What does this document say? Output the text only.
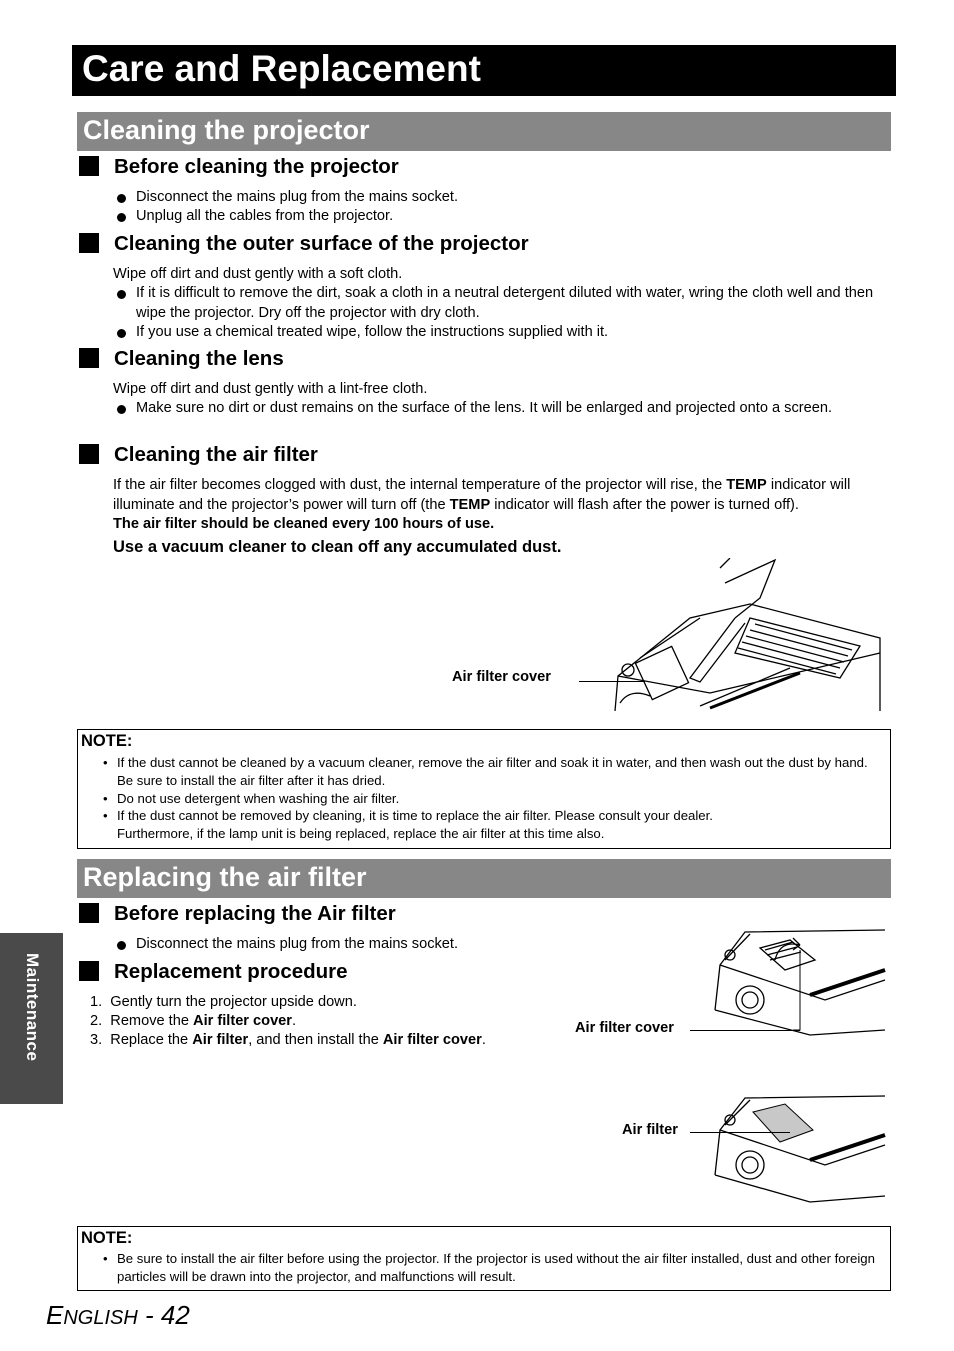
Care and Replacement
Cleaning the projector
Before cleaning the projector
Disconnect the mains plug from the mains socket.
Unplug all the cables from the projector.
Cleaning the outer surface of the projector
Wipe off dirt and dust gently with a soft cloth.
If it is difficult to remove the dirt, soak a cloth in a neutral detergent diluted with water, wring the cloth well and then wipe the projector. Dry off the projector with dry cloth.
If you use a chemical treated wipe, follow the instructions supplied with it.
Cleaning the lens
Wipe off dirt and dust gently with a lint-free cloth.
Make sure no dirt or dust remains on the surface of the lens. It will be enlarged and projected onto a screen.
Cleaning the air filter
If the air filter becomes clogged with dust, the internal temperature of the projector will rise, the TEMP indicator will illuminate and the projector’s power will turn off (the TEMP indicator will flash after the power is turned off).
The air filter should be cleaned every 100 hours of use.
Use a vacuum cleaner to clean off any accumulated dust.
Air filter cover
NOTE:
• If the dust cannot be cleaned by a vacuum cleaner, remove the air filter and soak it in water, and then wash out the dust by hand. Be sure to install the air filter after it has dried.
• Do not use detergent when washing the air filter.
• If the dust cannot be removed by cleaning, it is time to replace the air filter. Please consult your dealer.
Furthermore, if the lamp unit is being replaced, replace the air filter at this time also.
Replacing the air filter
Before replacing the Air filter
Disconnect the mains plug from the mains socket.
Replacement procedure
1. Gently turn the projector upside down.
2. Remove the Air filter cover.
3. Replace the Air filter, and then install the Air filter cover.
Air filter cover
Air filter
NOTE:
• Be sure to install the air filter before using the projector. If the projector is used without the air filter installed, dust and other foreign particles will be drawn into the projector, and malfunctions will result.
Maintenance
ENGLISH - 42
